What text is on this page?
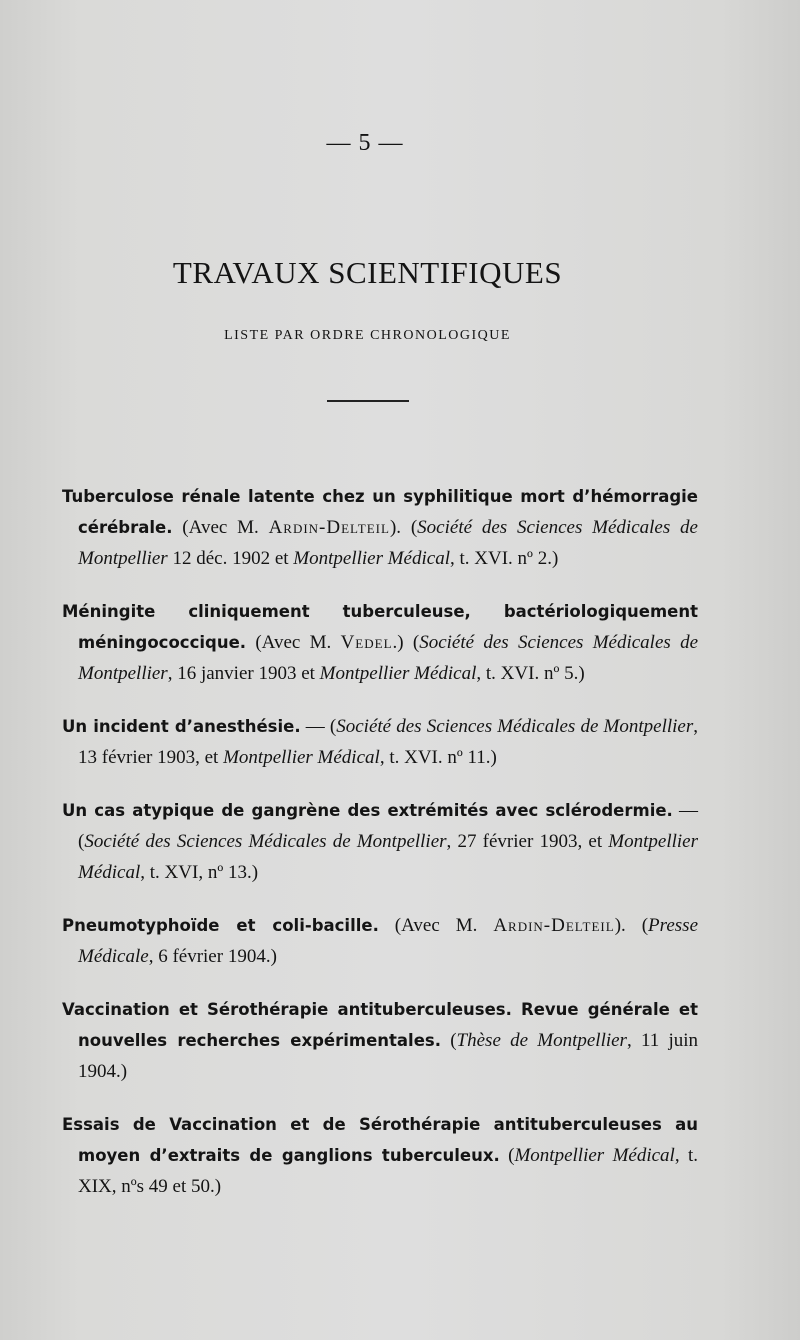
— 5 —
TRAVAUX SCIENTIFIQUES
LISTE PAR ORDRE CHRONOLOGIQUE

Tuberculose rénale latente chez un syphilitique mort d’hémorragie cérébrale. (Avec M. Ardin-Delteil). (Société des Sciences Médicales de Montpellier 12 déc. 1902 et Montpellier Médical, t. XVI. nº 2.)

Méningite cliniquement tuberculeuse, bactériologiquement méningococcique. (Avec M. Vedel.) (Société des Sciences Médicales de Montpellier, 16 janvier 1903 et Montpellier Médical, t. XVI. nº 5.)

Un incident d’anesthésie. — (Société des Sciences Médicales de Montpellier, 13 février 1903, et Montpellier Médical, t. XVI. nº 11.)

Un cas atypique de gangrène des extrémités avec sclérodermie. — (Société des Sciences Médicales de Montpellier, 27 février 1903, et Montpellier Médical, t. XVI, nº 13.)

Pneumotyphoïde et coli-bacille. (Avec M. Ardin-Delteil). (Presse Médicale, 6 février 1904.)

Vaccination et Sérothérapie antituberculeuses. Revue générale et nouvelles recherches expérimentales. (Thèse de Montpellier, 11 juin 1904.)

Essais de Vaccination et de Sérothérapie antituberculeuses au moyen d’extraits de ganglions tuberculeux. (Montpellier Médical, t. XIX, nºs 49 et 50.)
